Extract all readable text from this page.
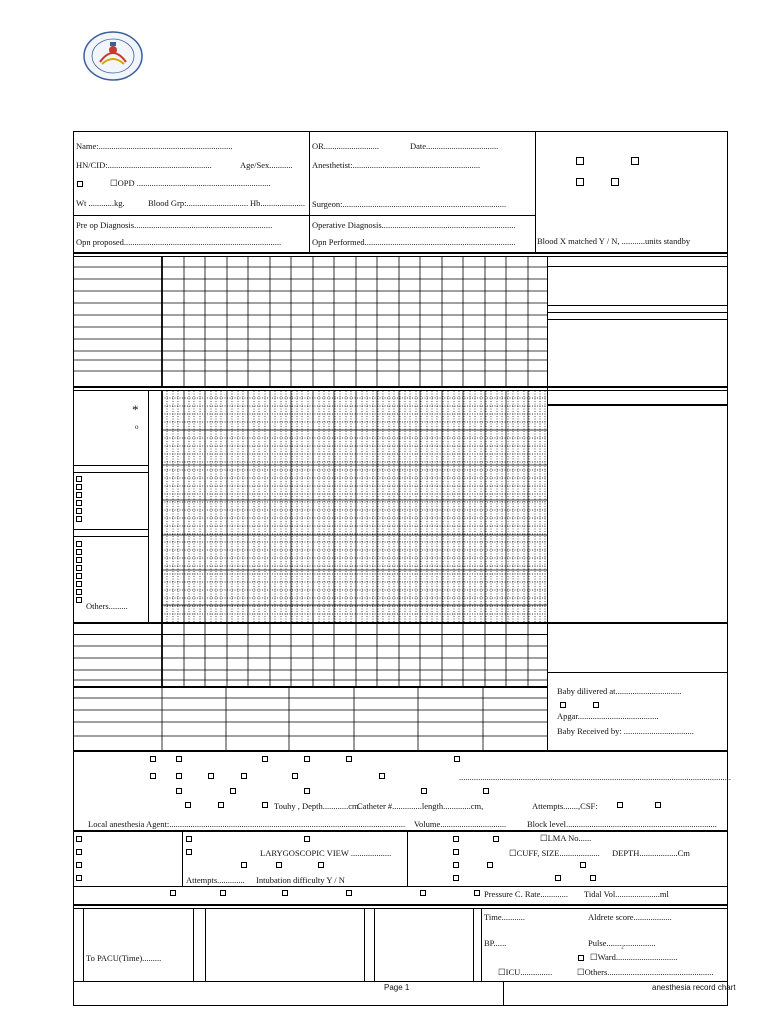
Name:...............................................................	OR..........................	Date..................................
HN/CID:.................................................	Age/Sex........... Anesthetist:............................................................
☐OPD ...............................................................
Wt ............kg.	Blood Grp:............................. Hb..................... Surgeon:.............................................................................
Pre op Diagnosis.................................................................	Operative Diagnosis...............................................................
Opn proposed..........................................................................	Opn Performed.......................................................................	Blood X matched Y / N, ...........units standby
*
o
Others.........
Baby dilivered at...............................
Apgar......................................
Baby Received by: .................................
................................................................................................................................
Touhy , Depth............cm.
Catheter #..............length.............cm,	Attempts.......,CSF:
Local anesthesia Agent:............................................................................................................... Volume............................... Block level.......................................................................
LARYGOSCOPIC VIEW ...................
Attempts............. Intubation difficulty Y / N
☐LMA No......
☐CUFF, SIZE................... DEPTH..................Cm
Pressure C. Rate............. Tidal Vol.....................ml
To PACU(Time).........
Time...........	Aldrete score..................
BP......	$Pulse......._2$...............
☐Ward.............................
☐ICU...............	☐Others..................................................
Page 1	anesthesia record chart
